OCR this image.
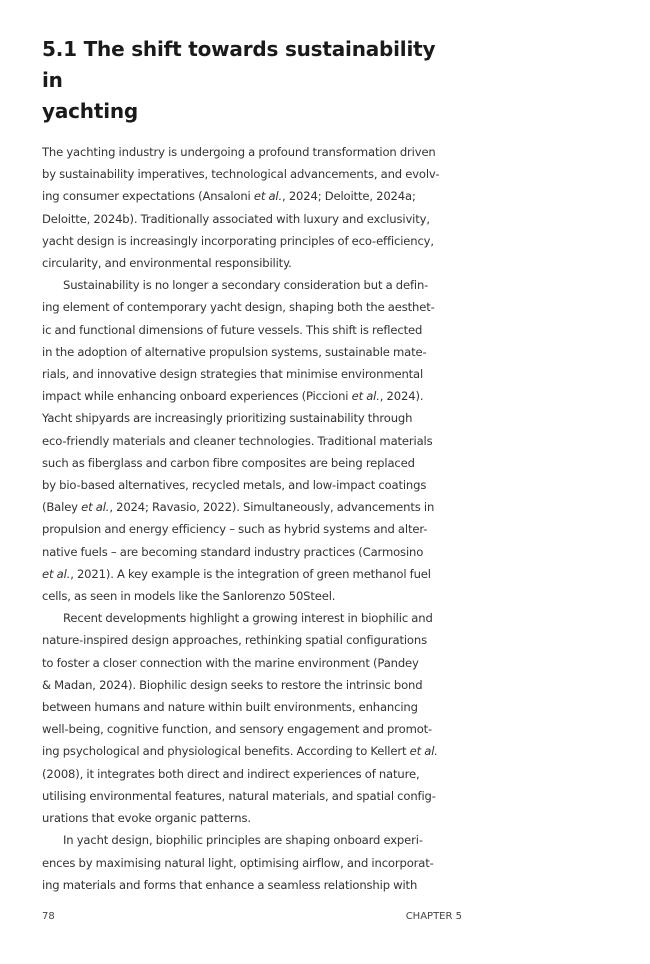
5.1 The shift towards sustainability in
yachting

The yachting industry is undergoing a profound transformation driven
by sustainability imperatives, technological advancements, and evolv-
ing consumer expectations (Ansaloni et al., 2024; Deloitte, 2024a;
Deloitte, 2024b). Traditionally associated with luxury and exclusivity,
yacht design is increasingly incorporating principles of eco-efficiency,
circularity, and environmental responsibility.

Sustainability is no longer a secondary consideration but a defin-
ing element of contemporary yacht design, shaping both the aesthet-
ic and functional dimensions of future vessels. This shift is reflected
in the adoption of alternative propulsion systems, sustainable mate-
rials, and innovative design strategies that minimise environmental
impact while enhancing onboard experiences (Piccioni et al., 2024).
Yacht shipyards are increasingly prioritizing sustainability through
eco-friendly materials and cleaner technologies. Traditional materials
such as fiberglass and carbon fibre composites are being replaced
by bio-based alternatives, recycled metals, and low-impact coatings
(Baley et al., 2024; Ravasio, 2022). Simultaneously, advancements in
propulsion and energy efficiency – such as hybrid systems and alter-
native fuels – are becoming standard industry practices (Carmosino
et al., 2021). A key example is the integration of green methanol fuel
cells, as seen in models like the Sanlorenzo 50Steel.

Recent developments highlight a growing interest in biophilic and
nature-inspired design approaches, rethinking spatial configurations
to foster a closer connection with the marine environment (Pandey
& Madan, 2024). Biophilic design seeks to restore the intrinsic bond
between humans and nature within built environments, enhancing
well-being, cognitive function, and sensory engagement and promot-
ing psychological and physiological benefits. According to Kellert et al.
(2008), it integrates both direct and indirect experiences of nature,
utilising environmental features, natural materials, and spatial config-
urations that evoke organic patterns.

In yacht design, biophilic principles are shaping onboard experi-
ences by maximising natural light, optimising airflow, and incorporat-
ing materials and forms that enhance a seamless relationship with

78	CHAPTER 5
